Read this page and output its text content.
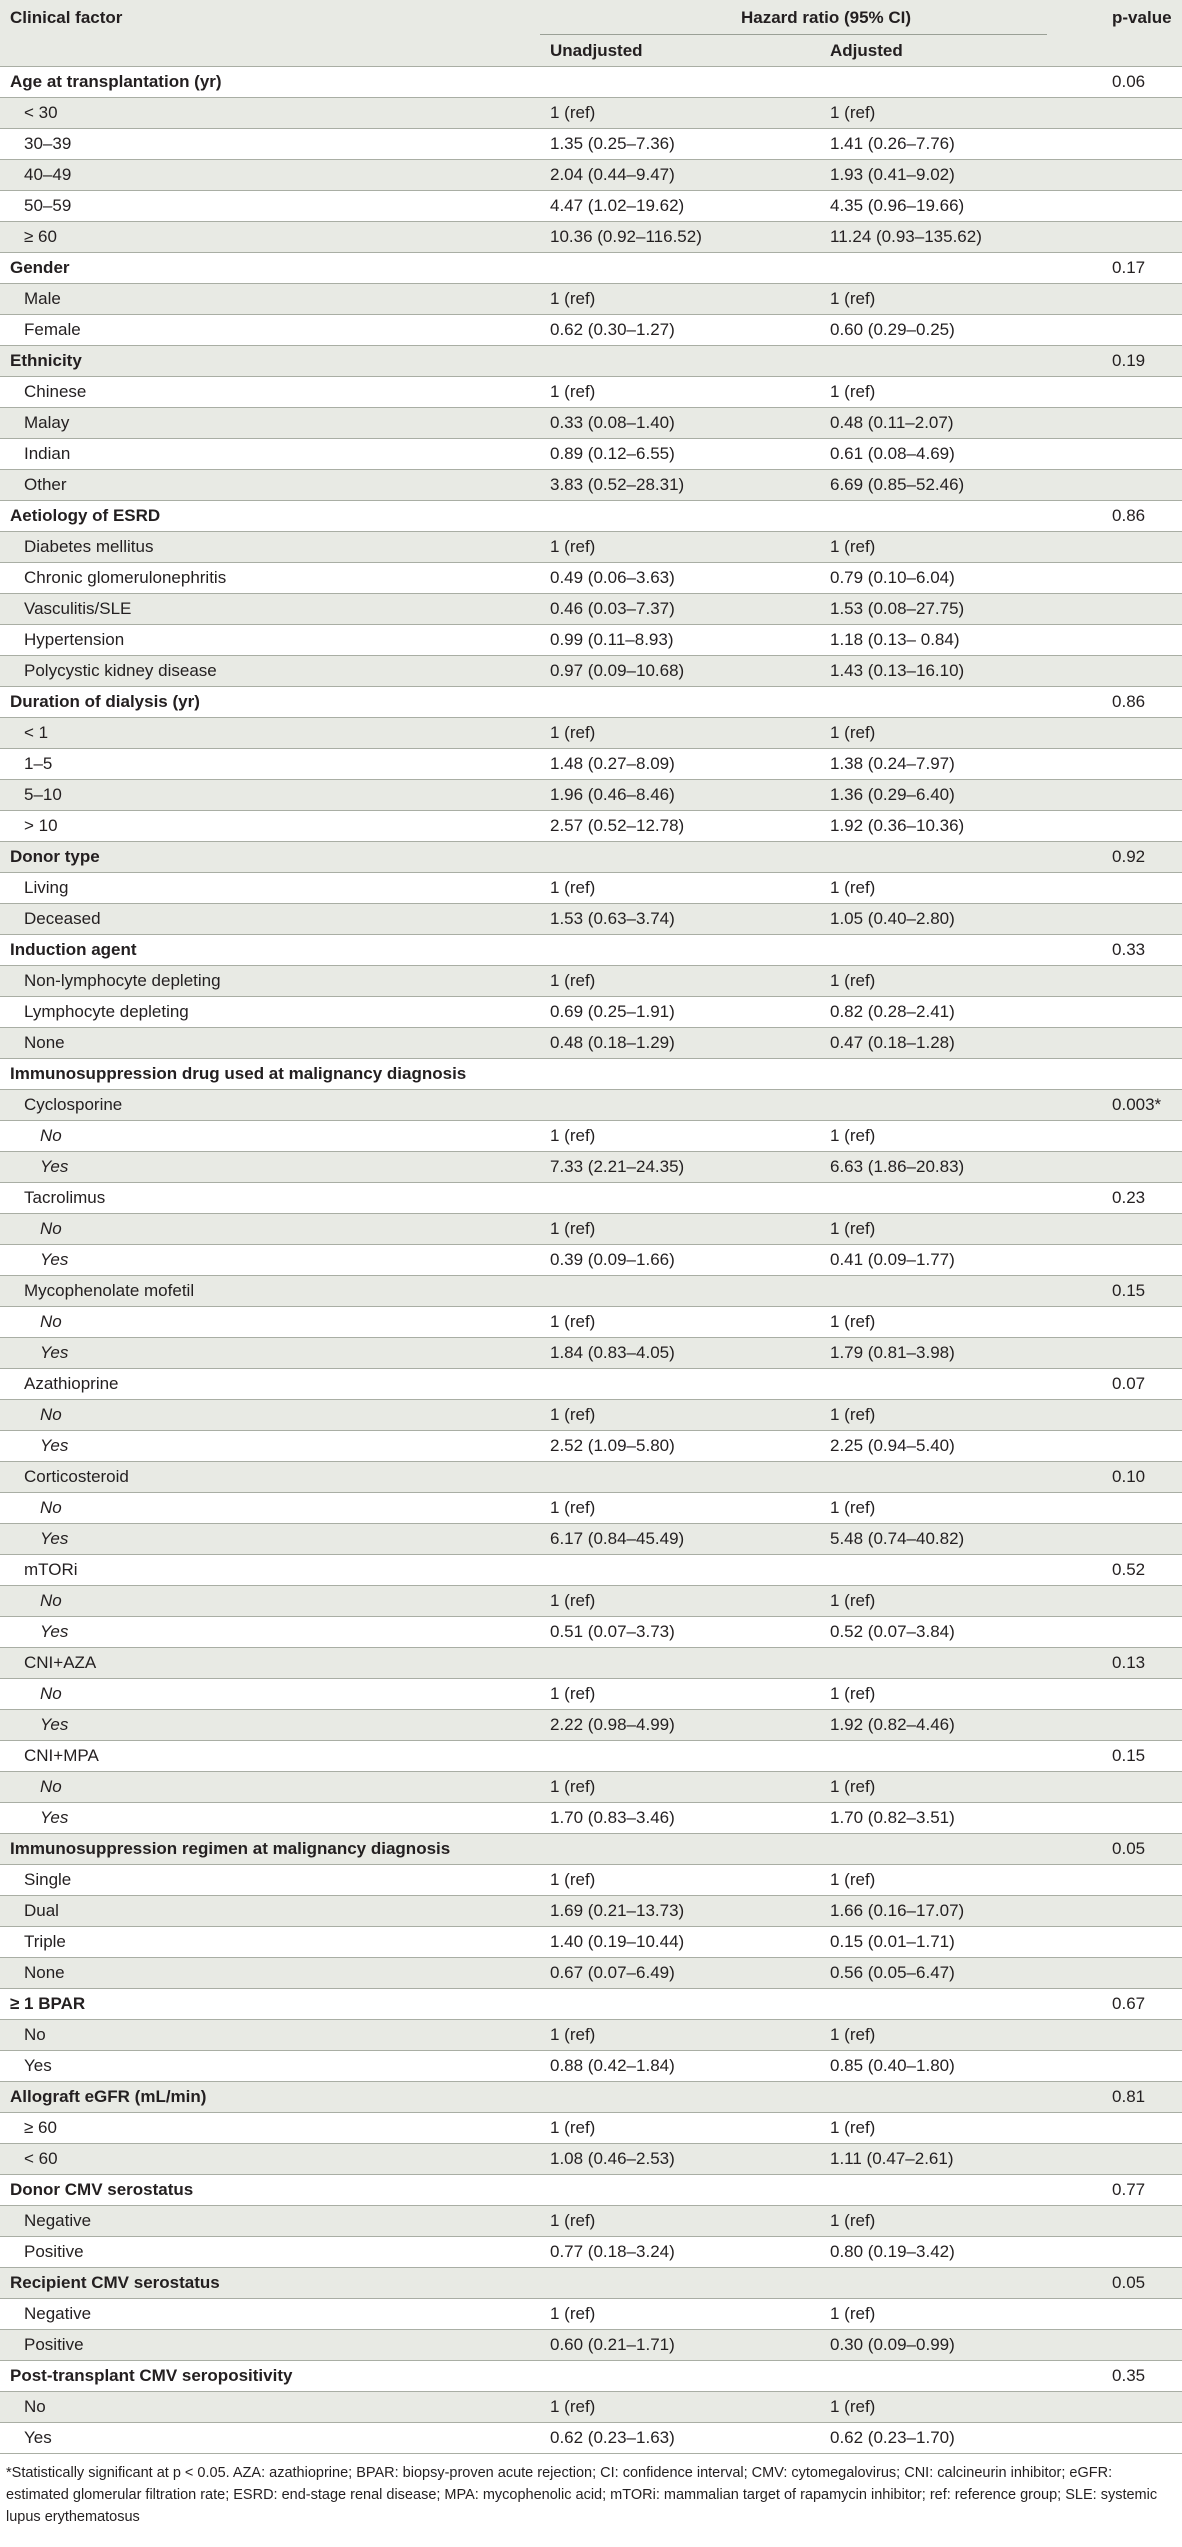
Clinical factor	Hazard ratio (95% CI)		p-value
	Unadjusted	Adjusted	
Age at transplantation (yr)			0.06
< 30	1 (ref)	1 (ref)	
30–39	1.35 (0.25–7.36)	1.41 (0.26–7.76)	
40–49	2.04 (0.44–9.47)	1.93 (0.41–9.02)	
50–59	4.47 (1.02–19.62)	4.35 (0.96–19.66)	
≥ 60	10.36 (0.92–116.52)	11.24 (0.93–135.62)	
Gender			0.17
Male	1 (ref)	1 (ref)	
Female	0.62 (0.30–1.27)	0.60 (0.29–0.25)	
Ethnicity			0.19
Chinese	1 (ref)	1 (ref)	
Malay	0.33 (0.08–1.40)	0.48 (0.11–2.07)	
Indian	0.89 (0.12–6.55)	0.61 (0.08–4.69)	
Other	3.83 (0.52–28.31)	6.69 (0.85–52.46)	
Aetiology of ESRD			0.86
Diabetes mellitus	1 (ref)	1 (ref)	
Chronic glomerulonephritis	0.49 (0.06–3.63)	0.79 (0.10–6.04)	
Vasculitis/SLE	0.46 (0.03–7.37)	1.53 (0.08–27.75)	
Hypertension	0.99 (0.11–8.93)	1.18 (0.13– 0.84)	
Polycystic kidney disease	0.97 (0.09–10.68)	1.43 (0.13–16.10)	
Duration of dialysis (yr)			0.86
< 1	1 (ref)	1 (ref)	
1–5	1.48 (0.27–8.09)	1.38 (0.24–7.97)	
5–10	1.96 (0.46–8.46)	1.36 (0.29–6.40)	
> 10	2.57 (0.52–12.78)	1.92 (0.36–10.36)	
Donor type			0.92
Living	1 (ref)	1 (ref)	
Deceased	1.53 (0.63–3.74)	1.05 (0.40–2.80)	
Induction agent			0.33
Non-lymphocyte depleting	1 (ref)	1 (ref)	
Lymphocyte depleting	0.69 (0.25–1.91)	0.82 (0.28–2.41)	
None	0.48 (0.18–1.29)	0.47 (0.18–1.28)	
Immunosuppression drug used at malignancy diagnosis			
Cyclosporine			0.003*
No	1 (ref)	1 (ref)	
Yes	7.33 (2.21–24.35)	6.63 (1.86–20.83)	
Tacrolimus			0.23
No	1 (ref)	1 (ref)	
Yes	0.39 (0.09–1.66)	0.41 (0.09–1.77)	
Mycophenolate mofetil			0.15
No	1 (ref)	1 (ref)	
Yes	1.84 (0.83–4.05)	1.79 (0.81–3.98)	
Azathioprine			0.07
No	1 (ref)	1 (ref)	
Yes	2.52 (1.09–5.80)	2.25 (0.94–5.40)	
Corticosteroid			0.10
No	1 (ref)	1 (ref)	
Yes	6.17 (0.84–45.49)	5.48 (0.74–40.82)	
mTORi			0.52
No	1 (ref)	1 (ref)	
Yes	0.51 (0.07–3.73)	0.52 (0.07–3.84)	
CNI+AZA			0.13
No	1 (ref)	1 (ref)	
Yes	2.22 (0.98–4.99)	1.92 (0.82–4.46)	
CNI+MPA			0.15
No	1 (ref)	1 (ref)	
Yes	1.70 (0.83–3.46)	1.70 (0.82–3.51)	
Immunosuppression regimen at malignancy diagnosis			0.05
Single	1 (ref)	1 (ref)	
Dual	1.69 (0.21–13.73)	1.66 (0.16–17.07)	
Triple	1.40 (0.19–10.44)	0.15 (0.01–1.71)	
None	0.67 (0.07–6.49)	0.56 (0.05–6.47)	
≥ 1 BPAR			0.67
No	1 (ref)	1 (ref)	
Yes	0.88 (0.42–1.84)	0.85 (0.40–1.80)	
Allograft eGFR (mL/min)			0.81
≥ 60	1 (ref)	1 (ref)	
< 60	1.08 (0.46–2.53)	1.11 (0.47–2.61)	
Donor CMV serostatus			0.77
Negative	1 (ref)	1 (ref)	
Positive	0.77 (0.18–3.24)	0.80 (0.19–3.42)	
Recipient CMV serostatus			0.05
Negative	1 (ref)	1 (ref)	
Positive	0.60 (0.21–1.71)	0.30 (0.09–0.99)	
Post-transplant CMV seropositivity			0.35
No	1 (ref)	1 (ref)	
Yes	0.62 (0.23–1.63)	0.62 (0.23–1.70)	
*Statistically significant at p < 0.05. AZA: azathioprine; BPAR: biopsy-proven acute rejection; CI: confidence interval; CMV: cytomegalovirus; CNI: calcineurin inhibitor; eGFR: estimated glomerular filtration rate; ESRD: end-stage renal disease; MPA: mycophenolic acid; mTORi: mammalian target of rapamycin inhibitor; ref: reference group; SLE: systemic lupus erythematosus
